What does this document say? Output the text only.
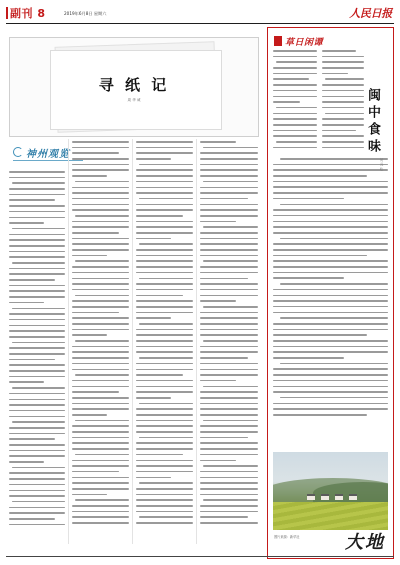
副刊 8	2019年6月8日 星期六	人民日报
寻 纸 记
周 华 诚
神州观览
草日闲谭
闽中食味
何 况 吃
图片来源：新华社	大地
